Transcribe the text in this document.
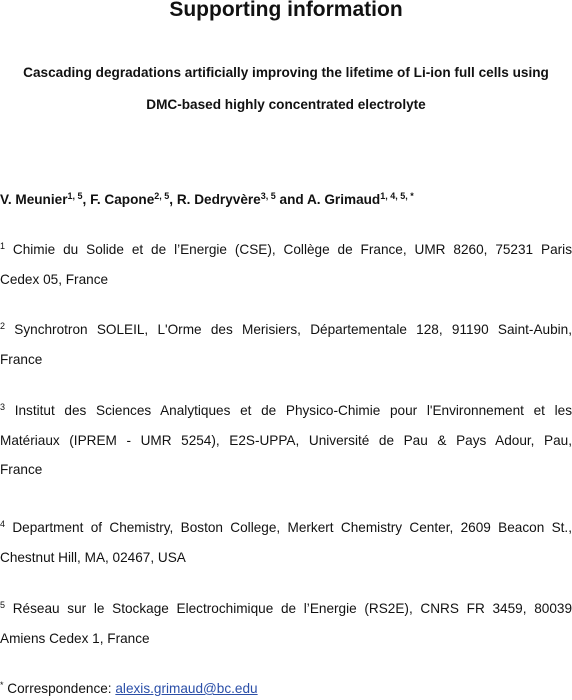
Supporting information
Cascading degradations artificially improving the lifetime of Li-ion full cells using
DMC-based highly concentrated electrolyte
V. Meunier$^{1, 5}$, F. Capone$^{2, 5}$, R. Dedryvère$^{3, 5}$ and A. Grimaud$^{1, 4, 5, *}$
$^1$ Chimie du Solide et de l’Energie (CSE), Collège de France, UMR 8260, 75231 Paris
Cedex 05, France
$^2$ Synchrotron SOLEIL, L'Orme des Merisiers, Départementale 128, 91190 Saint-Aubin,
France
$^3$ Institut des Sciences Analytiques et de Physico-Chimie pour l'Environnement et les
Matériaux (IPREM - UMR 5254), E2S-UPPA, Université de Pau & Pays Adour, Pau,
France
$^4$ Department of Chemistry, Boston College, Merkert Chemistry Center, 2609 Beacon St.,
Chestnut Hill, MA, 02467, USA
$^5$ Réseau sur le Stockage Electrochimique de l’Energie (RS2E), CNRS FR 3459, 80039
Amiens Cedex 1, France
* Correspondence: alexis.grimaud@bc.edu
